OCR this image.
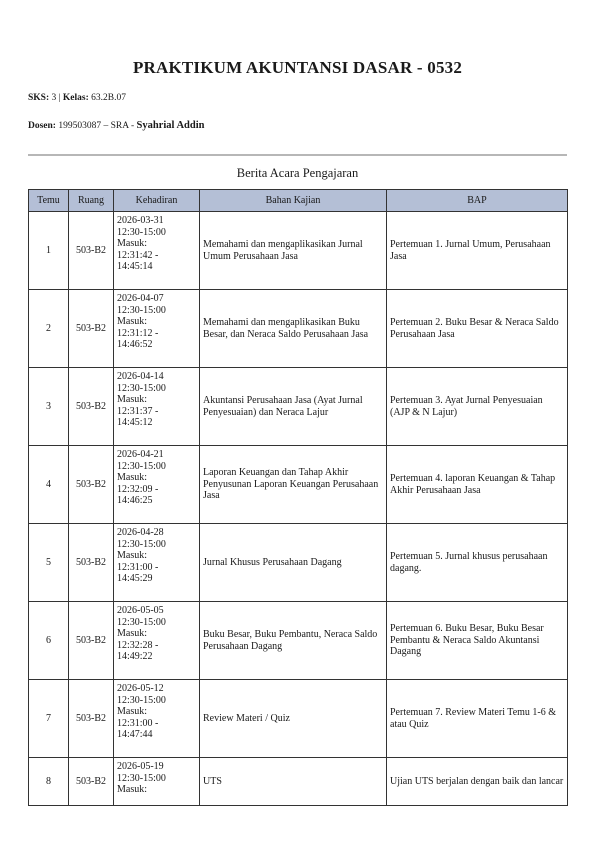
PRAKTIKUM AKUNTANSI DASAR - 0532
SKS: 3 | Kelas: 63.2B.07
Dosen: 199503087 – SRA - Syahrial Addin
Berita Acara Pengajaran
Temu	Ruang	Kehadiran	Bahan Kajian	BAP
1	503-B2	2026-03-31
12:30-15:00
Masuk:
12:31:42 -
14:45:14	Memahami dan mengaplikasikan Jurnal Umum Perusahaan Jasa	Pertemuan 1. Jurnal Umum, Perusahaan Jasa
2	503-B2	2026-04-07
12:30-15:00
Masuk:
12:31:12 -
14:46:52	Memahami dan mengaplikasikan Buku Besar, dan Neraca Saldo Perusahaan Jasa	Pertemuan 2. Buku Besar & Neraca Saldo Perusahaan Jasa
3	503-B2	2026-04-14
12:30-15:00
Masuk:
12:31:37 -
14:45:12	Akuntansi Perusahaan Jasa (Ayat Jurnal Penyesuaian) dan Neraca Lajur	Pertemuan 3. Ayat Jurnal Penyesuaian (AJP & N Lajur)
4	503-B2	2026-04-21
12:30-15:00
Masuk:
12:32:09 -
14:46:25	Laporan Keuangan dan Tahap Akhir Penyusunan Laporan Keuangan Perusahaan Jasa	Pertemuan 4. laporan Keuangan & Tahap Akhir Perusahaan Jasa
5	503-B2	2026-04-28
12:30-15:00
Masuk:
12:31:00 -
14:45:29	Jurnal Khusus Perusahaan Dagang	Pertemuan 5. Jurnal khusus perusahaan dagang.
6	503-B2	2026-05-05
12:30-15:00
Masuk:
12:32:28 -
14:49:22	Buku Besar, Buku Pembantu, Neraca Saldo Perusahaan Dagang	Pertemuan 6. Buku Besar, Buku Besar Pembantu & Neraca Saldo Akuntansi Dagang
7	503-B2	2026-05-12
12:30-15:00
Masuk:
12:31:00 -
14:47:44	Review Materi / Quiz	Pertemuan 7. Review Materi Temu 1-6 & atau Quiz
8	503-B2	2026-05-19
12:30-15:00
Masuk:	UTS	Ujian UTS berjalan dengan baik dan lancar
